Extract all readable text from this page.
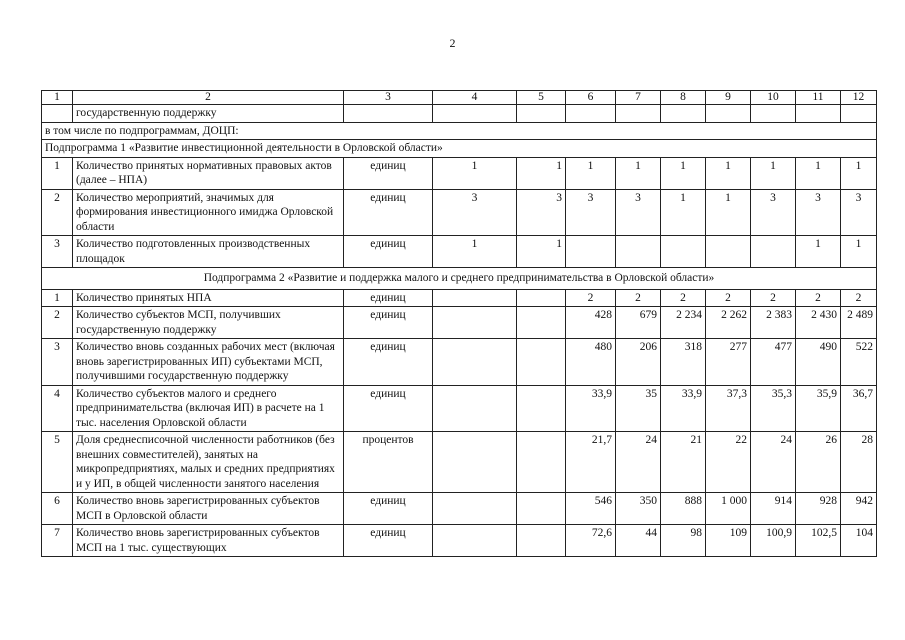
2
1	2	3	4	5	6	7	8	9	10	11	12
	государственную поддержку										
в том числе по подпрограммам, ДОЦП:											
Подпрограмма 1 «Развитие инвестиционной деятельности в Орловской области»											
1	Количество принятых нормативных правовых актов (далее – НПА)	единиц	1	1	1	1	1	1	1	1	1
2	Количество мероприятий, значимых для формирования инвестиционного имиджа Орловской области	единиц	3	3	3	3	1	1	3	3	3
3	Количество подготовленных производственных площадок	единиц	1	1						1	1
Подпрограмма 2 «Развитие и поддержка малого и среднего предпринимательства в Орловской области»											
1	Количество принятых НПА	единиц			2	2	2	2	2	2	2
2	Количество субъектов МСП, получивших государственную поддержку	единиц			428	679	2 234	2 262	2 383	2 430	2 489
3	Количество вновь созданных рабочих мест (включая вновь зарегистрированных ИП) субъектами МСП, получившими государственную поддержку	единиц			480	206	318	277	477	490	522
4	Количество субъектов малого и среднего предпринимательства (включая ИП) в расчете на 1 тыс. населения Орловской области	единиц			33,9	35	33,9	37,3	35,3	35,9	36,7
5	Доля среднесписочной численности работников (без внешних совместителей), занятых на микропредприятиях, малых и средних предприятиях и у ИП, в общей численности занятого населения	процентов			21,7	24	21	22	24	26	28
6	Количество вновь зарегистрированных субъектов МСП в Орловской области	единиц			546	350	888	1 000	914	928	942
7	Количество вновь зарегистрированных субъектов МСП на 1 тыс. существующих	единиц			72,6	44	98	109	100,9	102,5	104
